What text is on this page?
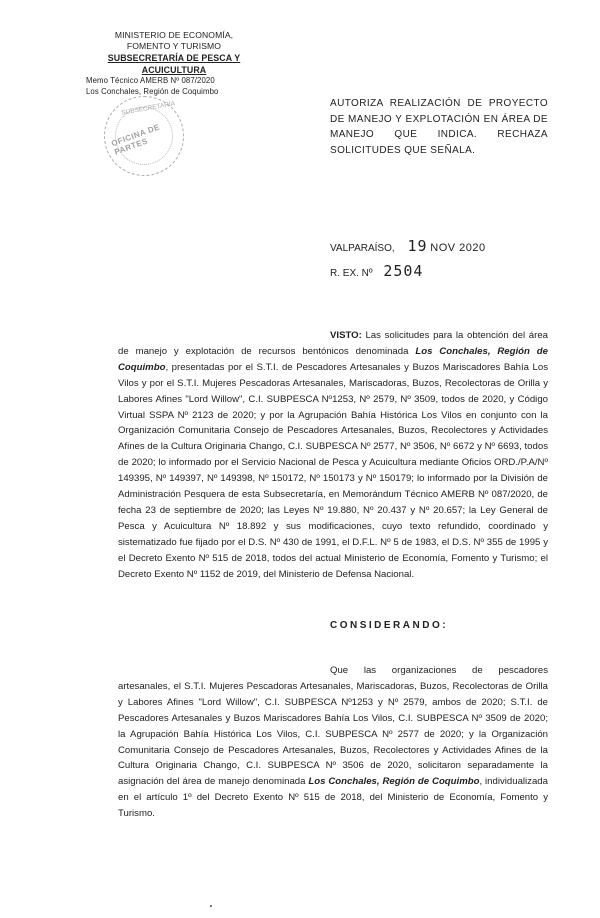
MINISTERIO DE ECONOMÍA,
FOMENTO Y TURISMO
SUBSECRETARÍA DE PESCA Y ACUICULTURA
Memo Técnico AMERB Nº 087/2020
Los Conchales, Región de Coquimbo
SUBSECRETARÍA
OFICINA DE PARTES
AUTORIZA REALIZACIÓN DE PROYECTO DE MANEJO Y EXPLOTACIÓN EN ÁREA DE MANEJO QUE INDICA. RECHAZA SOLICITUDES QUE SEÑALA.
VALPARAÍSO, 19 NOV 2020
R. EX. Nº 2504
VISTO: Las solicitudes para la obtención del área de manejo y explotación de recursos bentónicos denominada Los Conchales, Región de Coquimbo, presentadas por el S.T.I. de Pescadores Artesanales y Buzos Mariscadores Bahía Los Vilos y por el S.T.I. Mujeres Pescadoras Artesanales, Mariscadoras, Buzos, Recolectoras de Orilla y Labores Afines "Lord Willow", C.I. SUBPESCA Nº1253, Nº 2579, Nº 3509, todos de 2020, y Código Virtual SSPA Nº 2123 de 2020; y por la Agrupación Bahía Histórica Los Vilos en conjunto con la Organización Comunitaria Consejo de Pescadores Artesanales, Buzos, Recolectores y Actividades Afines de la Cultura Originaria Chango, C.I. SUBPESCA Nº 2577, Nº 3506, Nº 6672 y Nº 6693, todos de 2020; lo informado por el Servicio Nacional de Pesca y Acuicultura mediante Oficios ORD./P.A/Nº 149395, Nº 149397, Nº 149398, Nº 150172, Nº 150173 y Nº 150179; lo informado por la División de Administración Pesquera de esta Subsecretaría, en Memorándum Técnico AMERB Nº 087/2020, de fecha 23 de septiembre de 2020; las Leyes Nº 19.880, Nº 20.437 y Nº 20.657; la Ley General de Pesca y Acuicultura Nº 18.892 y sus modificaciones, cuyo texto refundido, coordinado y sistematizado fue fijado por el D.S. Nº 430 de 1991, el D.F.L. Nº 5 de 1983, el D.S. Nº 355 de 1995 y el Decreto Exento Nº 515 de 2018, todos del actual Ministerio de Economía, Fomento y Turismo; el Decreto Exento Nº 1152 de 2019, del Ministerio de Defensa Nacional.
CONSIDERANDO:
Que las organizaciones de pescadores artesanales, el S.T.I. Mujeres Pescadoras Artesanales, Mariscadoras, Buzos, Recolectoras de Orilla y Labores Afines "Lord Willow", C.I. SUBPESCA Nº1253 y Nº 2579, ambos de 2020; S.T.I. de Pescadores Artesanales y Buzos Mariscadores Bahía Los Vilos, C.I. SUBPESCA Nº 3509 de 2020; la Agrupación Bahía Histórica Los Vilos, C.I. SUBPESCA Nº 2577 de 2020; y la Organización Comunitaria Consejo de Pescadores Artesanales, Buzos, Recolectores y Actividades Afines de la Cultura Originaria Chango, C.I. SUBPESCA Nº 3506 de 2020, solicitaron separadamente la asignación del área de manejo denominada Los Conchales, Región de Coquimbo, individualizada en el artículo 1º del Decreto Exento Nº 515 de 2018, del Ministerio de Economía, Fomento y Turismo.
